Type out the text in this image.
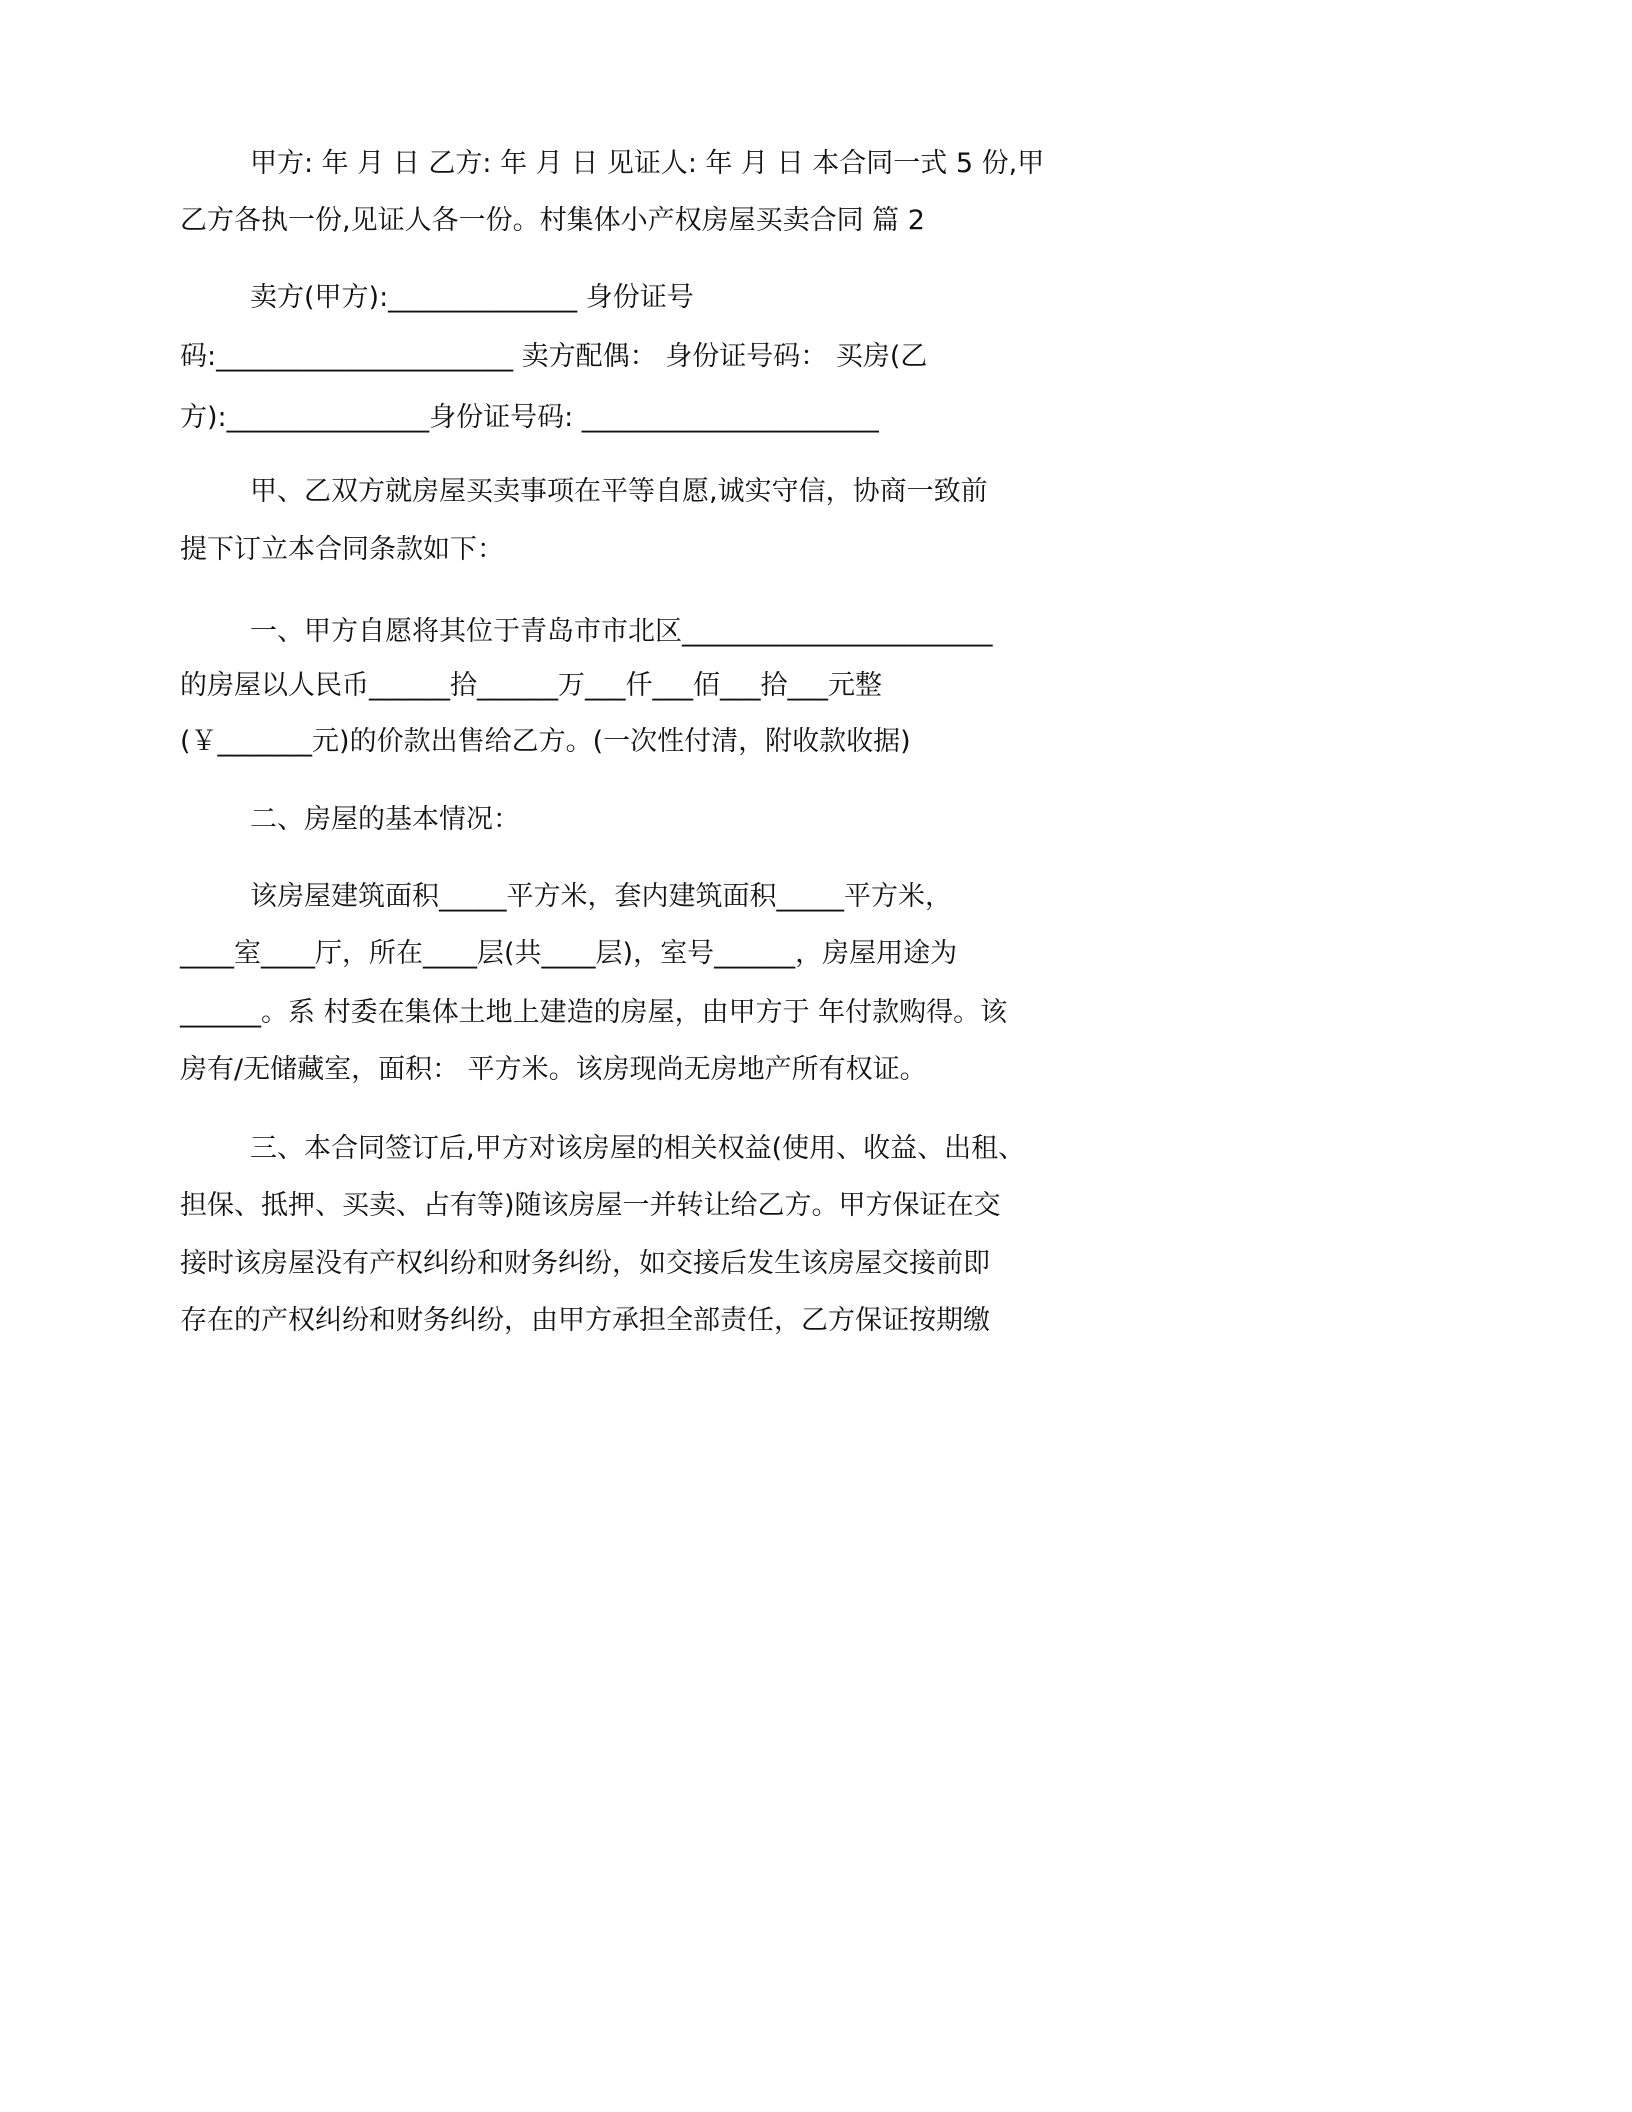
甲方: 年 月 日 乙方: 年 月 日 见证人: 年 月 日 本合同一式 5 份,甲
乙方各执一份,见证人各一份。村集体小产权房屋买卖合同 篇 2
卖方(甲方):______________ 身份证号
码:______________________ 卖方配偶： 身份证号码： 买房(乙
方):_______________身份证号码: ______________________
甲、乙双方就房屋买卖事项在平等自愿,诚实守信，协商一致前
提下订立本合同条款如下：
一、甲方自愿将其位于青岛市市北区_______________________
的房屋以人民币______拾______万___仟___佰___拾___元整
(￥_______元)的价款出售给乙方。(一次性付清，附收款收据)
二、房屋的基本情况：
该房屋建筑面积_____平方米，套内建筑面积_____平方米，
____室____厅，所在____层(共____层)，室号______，房屋用途为
______。系 村委在集体土地上建造的房屋，由甲方于 年付款购得。该
房有/无储藏室，面积： 平方米。该房现尚无房地产所有权证。
三、本合同签订后,甲方对该房屋的相关权益(使用、收益、出租、
担保、抵押、买卖、占有等)随该房屋一并转让给乙方。甲方保证在交
接时该房屋没有产权纠纷和财务纠纷，如交接后发生该房屋交接前即
存在的产权纠纷和财务纠纷，由甲方承担全部责任，乙方保证按期缴
